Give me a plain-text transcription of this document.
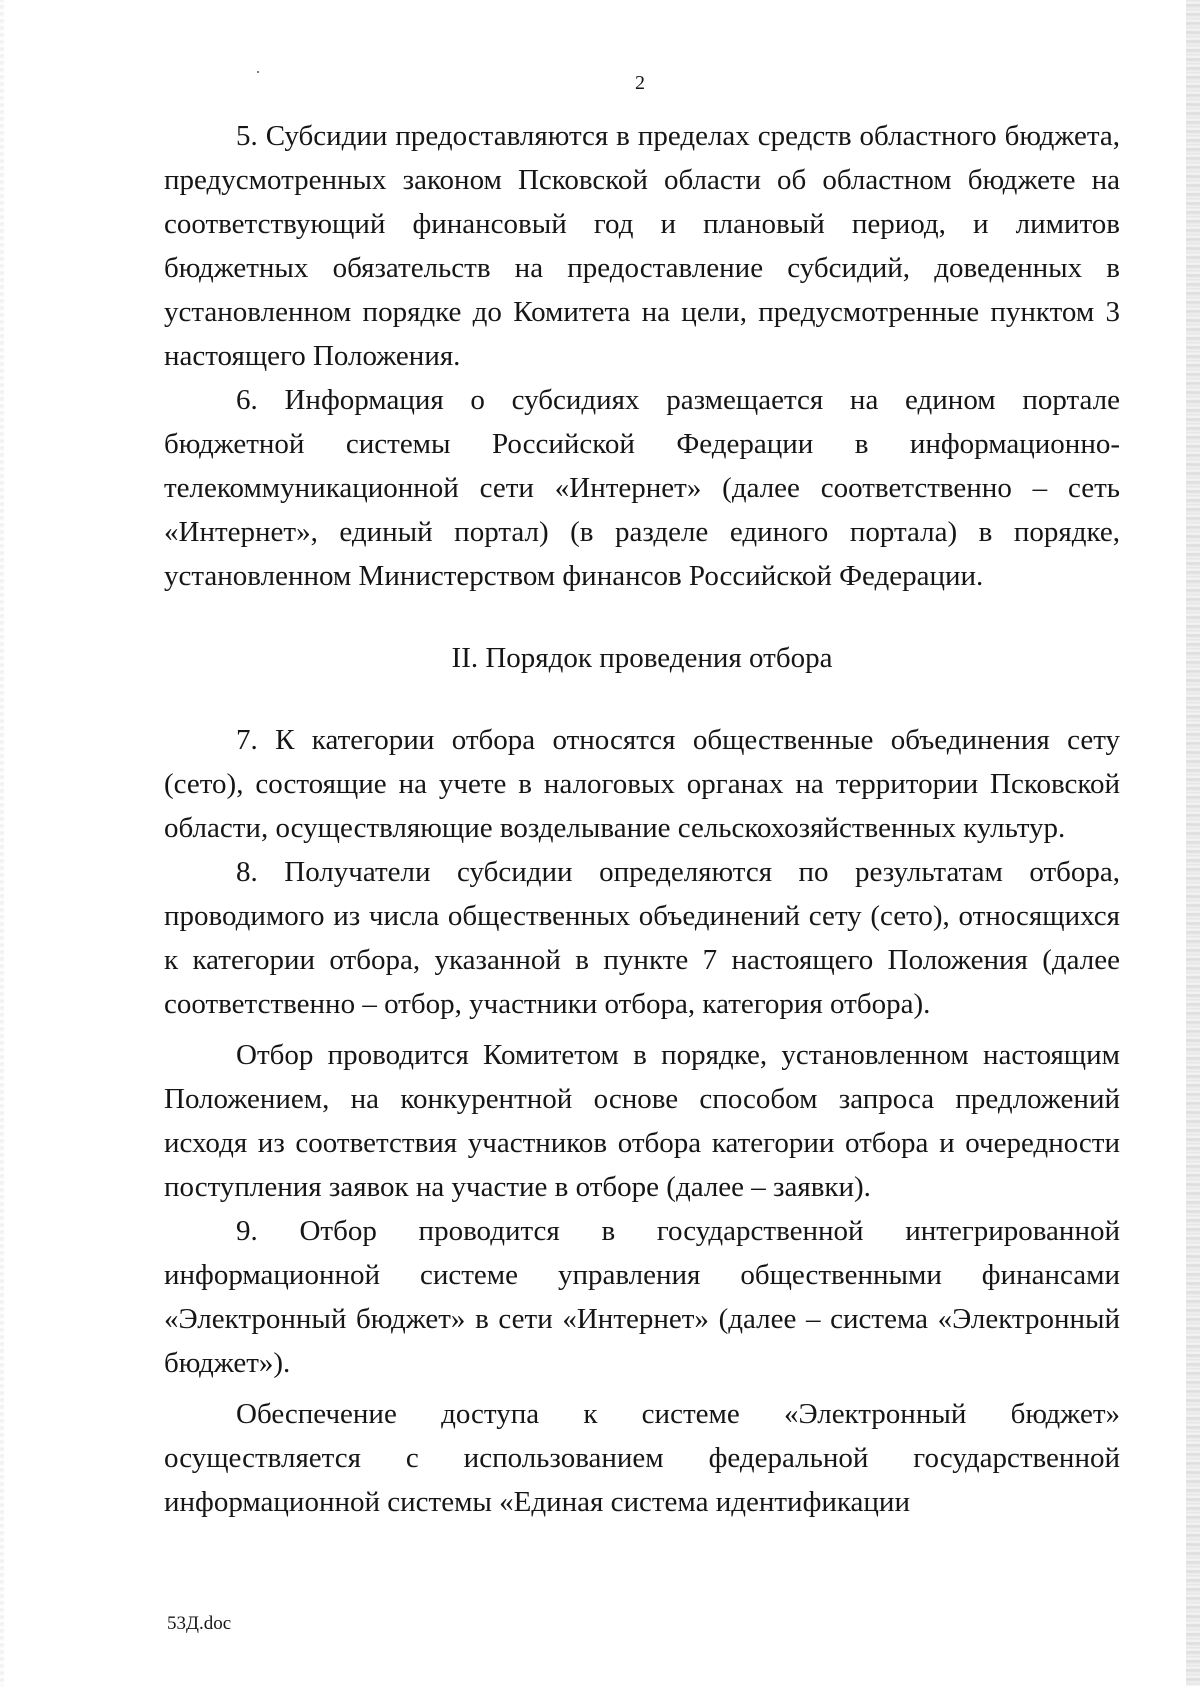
2

5. Субсидии предоставляются в пределах средств областного бюджета, предусмотренных законом Псковской области об областном бюджете на соответствующий финансовый год и плановый период, и лимитов бюджетных обязательств на предоставление субсидий, доведенных в установленном порядке до Комитета на цели, предусмотренные пунктом 3 настоящего Положения.

6. Информация о субсидиях размещается на едином портале бюджетной системы Российской Федерации в информационно-телекоммуникационной сети «Интернет» (далее соответственно – сеть «Интернет», единый портал) (в разделе единого портала) в порядке, установленном Министерством финансов Российской Федерации.

II. Порядок проведения отбора

7. К категории отбора относятся общественные объединения сету (сето), состоящие на учете в налоговых органах на территории Псковской области, осуществляющие возделывание сельскохозяйственных культур.

8. Получатели субсидии определяются по результатам отбора, проводимого из числа общественных объединений сету (сето), относящихся к категории отбора, указанной в пункте 7 настоящего Положения (далее соответственно – отбор, участники отбора, категория отбора).

Отбор проводится Комитетом в порядке, установленном настоящим Положением, на конкурентной основе способом запроса предложений исходя из соответствия участников отбора категории отбора и очередности поступления заявок на участие в отборе (далее – заявки).

9. Отбор проводится в государственной интегрированной информационной системе управления общественными финансами «Электронный бюджет» в сети «Интернет» (далее – система «Электронный бюджет»).

Обеспечение доступа к системе «Электронный бюджет» осуществляется с использованием федеральной государственной информационной системы «Единая система идентификации

53Д.doc
